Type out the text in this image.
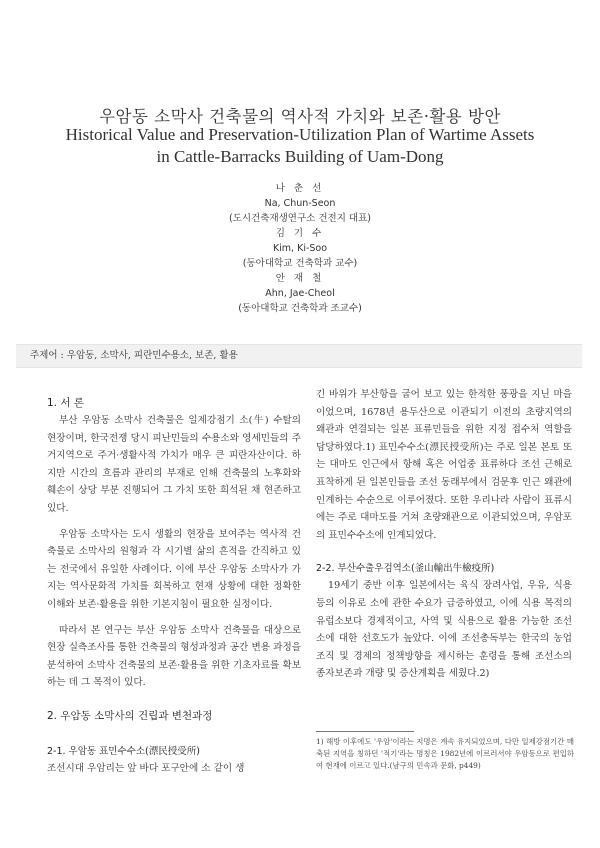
우암동 소막사 건축물의 역사적 가치와 보존·활용 방안
Historical Value and Preservation-Utilization Plan of Wartime Assets
in Cattle-Barracks Building of Uam-Dong
나 춘 선
Na, Chun-Seon
(도시건축재생연구소 건전지 대표)
김 기 수
Kim, Ki-Soo
(동아대학교 건축학과 교수)
안 재 철
Ahn, Jae-Cheol
(동아대학교 건축학과 조교수)
주제어 : 우암동, 소막사, 피란민수용소, 보존, 활용
1. 서 론

부산 우암동 소막사 건축물은 일제강점기 소(牛) 수탈의 현장이며, 한국전쟁 당시 피난민들의 수용소와 영세민들의 주거지역으로 주거·생활사적 가치가 매우 큰 피란자산이다. 하지만 시간의 흐름과 관리의 부재로 인해 건축물의 노후화와 훼손이 상당 부분 진행되어 그 가치 또한 희석된 채 현존하고 있다.

우암동 소막사는 도시 생활의 현장을 보여주는 역사적 건축물로 소막사의 원형과 각 시기별 삶의 흔적을 간직하고 있는 전국에서 유일한 사례이다. 이에 부산 우암동 소막사가 가지는 역사문화적 가치를 회복하고 현재 상황에 대한 정확한 이해와 보존·활용을 위한 기본지침이 필요한 실정이다.

따라서 본 연구는 부산 우암동 소막사 건축물을 대상으로 현장 실측조사를 통한 건축물의 형성과정과 공간 변용 과정을 분석하여 소막사 건축물의 보존·활용을 위한 기초자료를 확보하는 데 그 목적이 있다.

2. 우암동 소막사의 건립과 변천과정
2-1. 우암동 표민수수소(漂民授受所)

조선시대 우암리는 앞 바다 포구안에 소 같이 생

긴 바위가 부산항을 굽어 보고 있는 한적한 풍광을 지닌 마을이었으며, 1678년 용두산으로 이관되기 이전의 초량지역의 왜관과 연결되는 일본 표류민들을 위한 지정 접수처 역할을 담당하였다.1) 표민수수소(漂民授受所)는 주로 일본 본토 또는 대마도 인근에서 항해 혹은 어업중 표류하다 조선 근해로 표착하게 된 일본인들을 조선 동래부에서 검문후 인근 왜관에 인계하는 수순으로 이루어졌다. 또한 우리나라 사람이 표류시에는 주로 대마도를 거쳐 초량왜관으로 이관되었으며, 우암포의 표민수수소에 인계되었다.

2-2. 부산수출우검역소(釜山輸出牛檢疫所)

19세기 중반 이후 일본에서는 육식 장려사업, 우유, 식용 등의 이유로 소에 관한 수요가 급증하였고, 이에 식용 목적의 유럽소보다 경제적이고, 사역 및 식용으로 활용 가능한 조선소에 대한 선호도가 높았다. 이에 조선총독부는 한국의 농업조직 및 경제의 정책방향을 제시하는 훈령을 통해 조선소의 종자보존과 개량 및 증산계획을 세웠다.2)

1) 해방 이후에도 '우암'이라는 지명은 계속 유지되었으며, 다만 일제강점기간 매축된 지역을 칭하던 '적기'라는 명칭은 1982년에 이르러서야 우암동으로 편입하여 현재에 이르고 있다.(남구의 민속과 문화, p449)
